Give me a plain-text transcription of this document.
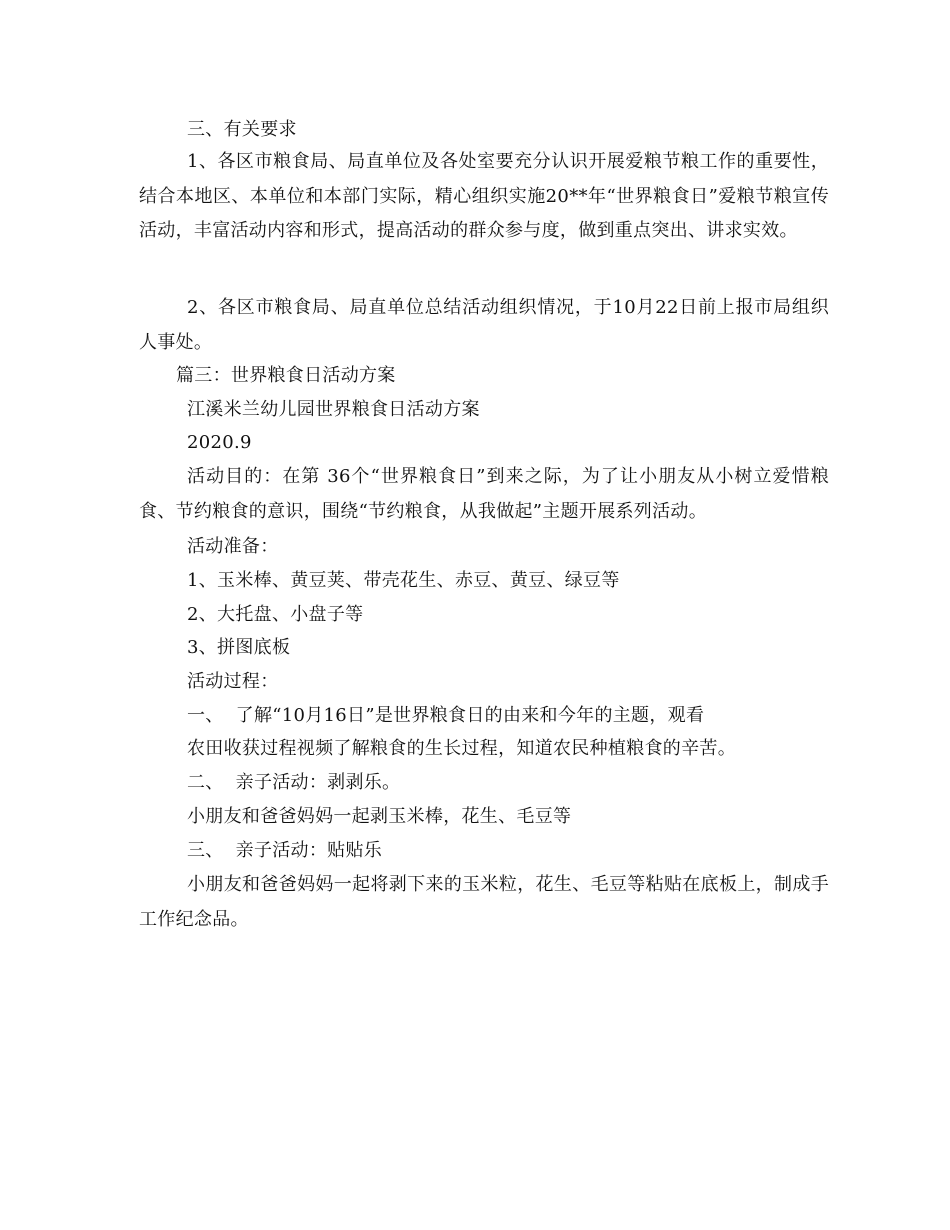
三、有关要求
1、各区市粮食局、局直单位及各处室要充分认识开展爱粮节粮工作的重要性，结合本地区、本单位和本部门实际，精心组织实施20**年“世界粮食日”爱粮节粮宣传活动，丰富活动内容和形式，提高活动的群众参与度，做到重点突出、讲求实效。
2、各区市粮食局、局直单位总结活动组织情况，于10月22日前上报市局组织人事处。
篇三：世界粮食日活动方案
江溪米兰幼儿园世界粮食日活动方案
2020.9
活动目的：在第 36个“世界粮食日”到来之际，为了让小朋友从小树立爱惜粮食、节约粮食的意识，围绕“节约粮食，从我做起”主题开展系列活动。
活动准备：
1、玉米棒、黄豆荚、带壳花生、赤豆、黄豆、绿豆等
2、大托盘、小盘子等
3、拼图底板
活动过程：
一、  了解“10月16日”是世界粮食日的由来和今年的主题，观看
农田收获过程视频了解粮食的生长过程，知道农民种植粮食的辛苦。
二、  亲子活动：剥剥乐。
小朋友和爸爸妈妈一起剥玉米棒，花生、毛豆等
三、  亲子活动：贴贴乐
小朋友和爸爸妈妈一起将剥下来的玉米粒，花生、毛豆等粘贴在底板上，制成手工作纪念品。
